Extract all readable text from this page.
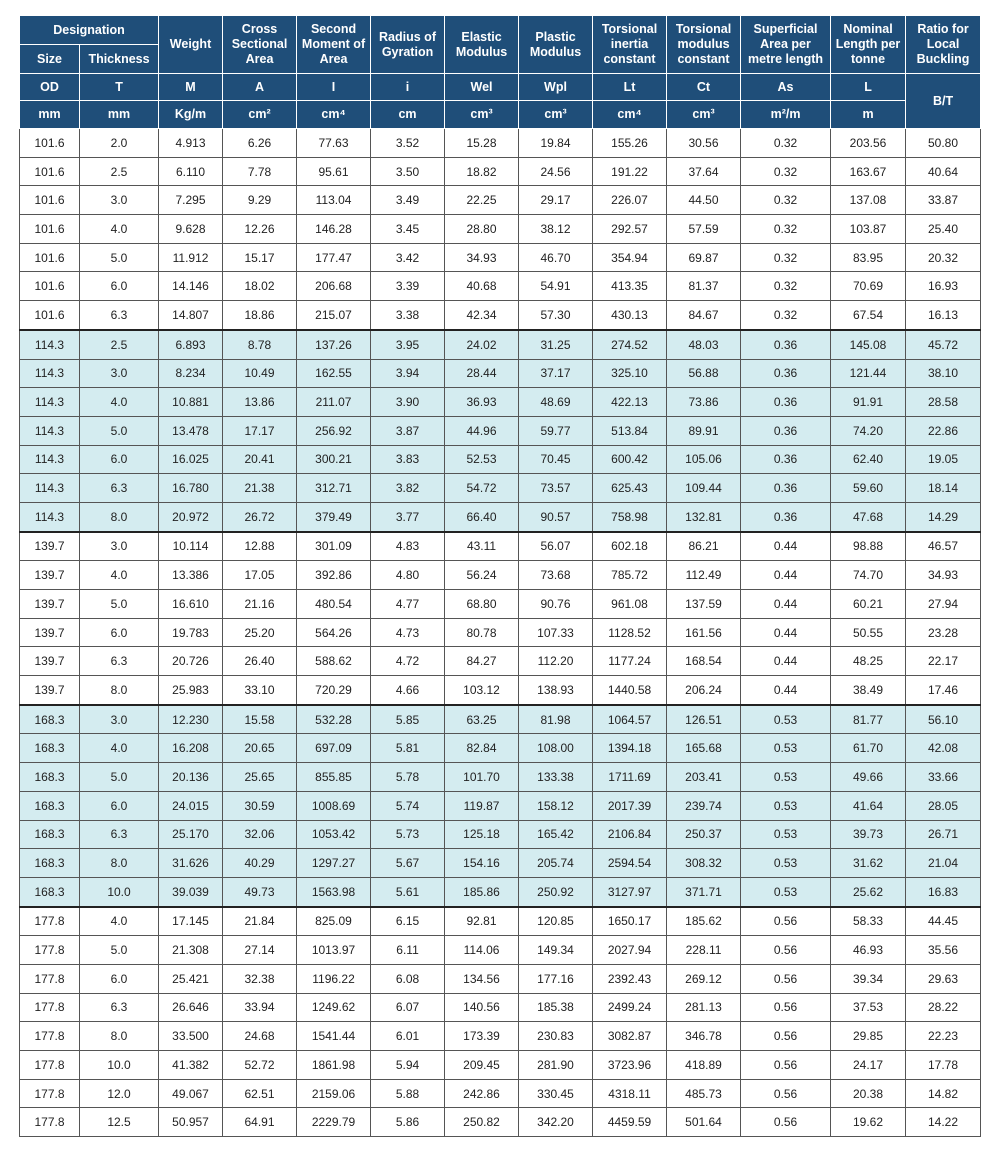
Designation		Weight	Cross Sectional Area	Second Moment of Area	Radius of Gyration	Elastic Modulus	Plastic Modulus	Torsional inertia constant	Torsional modulus constant	Superficial Area per metre length	Nominal Length per tonne	Ratio for Local Buckling
Size	Thickness											
OD	T	M	A	I	i	Wel	Wpl	Lt	Ct	As	L	B/T
mm	mm	Kg/m	cm²	cm⁴	cm	cm³	cm³	cm⁴	cm³	m²/m	m	
101.6	2.0	4.913	6.26	77.63	3.52	15.28	19.84	155.26	30.56	0.32	203.56	50.80
101.6	2.5	6.110	7.78	95.61	3.50	18.82	24.56	191.22	37.64	0.32	163.67	40.64
101.6	3.0	7.295	9.29	113.04	3.49	22.25	29.17	226.07	44.50	0.32	137.08	33.87
101.6	4.0	9.628	12.26	146.28	3.45	28.80	38.12	292.57	57.59	0.32	103.87	25.40
101.6	5.0	11.912	15.17	177.47	3.42	34.93	46.70	354.94	69.87	0.32	83.95	20.32
101.6	6.0	14.146	18.02	206.68	3.39	40.68	54.91	413.35	81.37	0.32	70.69	16.93
101.6	6.3	14.807	18.86	215.07	3.38	42.34	57.30	430.13	84.67	0.32	67.54	16.13
114.3	2.5	6.893	8.78	137.26	3.95	24.02	31.25	274.52	48.03	0.36	145.08	45.72
114.3	3.0	8.234	10.49	162.55	3.94	28.44	37.17	325.10	56.88	0.36	121.44	38.10
114.3	4.0	10.881	13.86	211.07	3.90	36.93	48.69	422.13	73.86	0.36	91.91	28.58
114.3	5.0	13.478	17.17	256.92	3.87	44.96	59.77	513.84	89.91	0.36	74.20	22.86
114.3	6.0	16.025	20.41	300.21	3.83	52.53	70.45	600.42	105.06	0.36	62.40	19.05
114.3	6.3	16.780	21.38	312.71	3.82	54.72	73.57	625.43	109.44	0.36	59.60	18.14
114.3	8.0	20.972	26.72	379.49	3.77	66.40	90.57	758.98	132.81	0.36	47.68	14.29
139.7	3.0	10.114	12.88	301.09	4.83	43.11	56.07	602.18	86.21	0.44	98.88	46.57
139.7	4.0	13.386	17.05	392.86	4.80	56.24	73.68	785.72	112.49	0.44	74.70	34.93
139.7	5.0	16.610	21.16	480.54	4.77	68.80	90.76	961.08	137.59	0.44	60.21	27.94
139.7	6.0	19.783	25.20	564.26	4.73	80.78	107.33	1128.52	161.56	0.44	50.55	23.28
139.7	6.3	20.726	26.40	588.62	4.72	84.27	112.20	1177.24	168.54	0.44	48.25	22.17
139.7	8.0	25.983	33.10	720.29	4.66	103.12	138.93	1440.58	206.24	0.44	38.49	17.46
168.3	3.0	12.230	15.58	532.28	5.85	63.25	81.98	1064.57	126.51	0.53	81.77	56.10
168.3	4.0	16.208	20.65	697.09	5.81	82.84	108.00	1394.18	165.68	0.53	61.70	42.08
168.3	5.0	20.136	25.65	855.85	5.78	101.70	133.38	1711.69	203.41	0.53	49.66	33.66
168.3	6.0	24.015	30.59	1008.69	5.74	119.87	158.12	2017.39	239.74	0.53	41.64	28.05
168.3	6.3	25.170	32.06	1053.42	5.73	125.18	165.42	2106.84	250.37	0.53	39.73	26.71
168.3	8.0	31.626	40.29	1297.27	5.67	154.16	205.74	2594.54	308.32	0.53	31.62	21.04
168.3	10.0	39.039	49.73	1563.98	5.61	185.86	250.92	3127.97	371.71	0.53	25.62	16.83
177.8	4.0	17.145	21.84	825.09	6.15	92.81	120.85	1650.17	185.62	0.56	58.33	44.45
177.8	5.0	21.308	27.14	1013.97	6.11	114.06	149.34	2027.94	228.11	0.56	46.93	35.56
177.8	6.0	25.421	32.38	1196.22	6.08	134.56	177.16	2392.43	269.12	0.56	39.34	29.63
177.8	6.3	26.646	33.94	1249.62	6.07	140.56	185.38	2499.24	281.13	0.56	37.53	28.22
177.8	8.0	33.500	24.68	1541.44	6.01	173.39	230.83	3082.87	346.78	0.56	29.85	22.23
177.8	10.0	41.382	52.72	1861.98	5.94	209.45	281.90	3723.96	418.89	0.56	24.17	17.78
177.8	12.0	49.067	62.51	2159.06	5.88	242.86	330.45	4318.11	485.73	0.56	20.38	14.82
177.8	12.5	50.957	64.91	2229.79	5.86	250.82	342.20	4459.59	501.64	0.56	19.62	14.22
